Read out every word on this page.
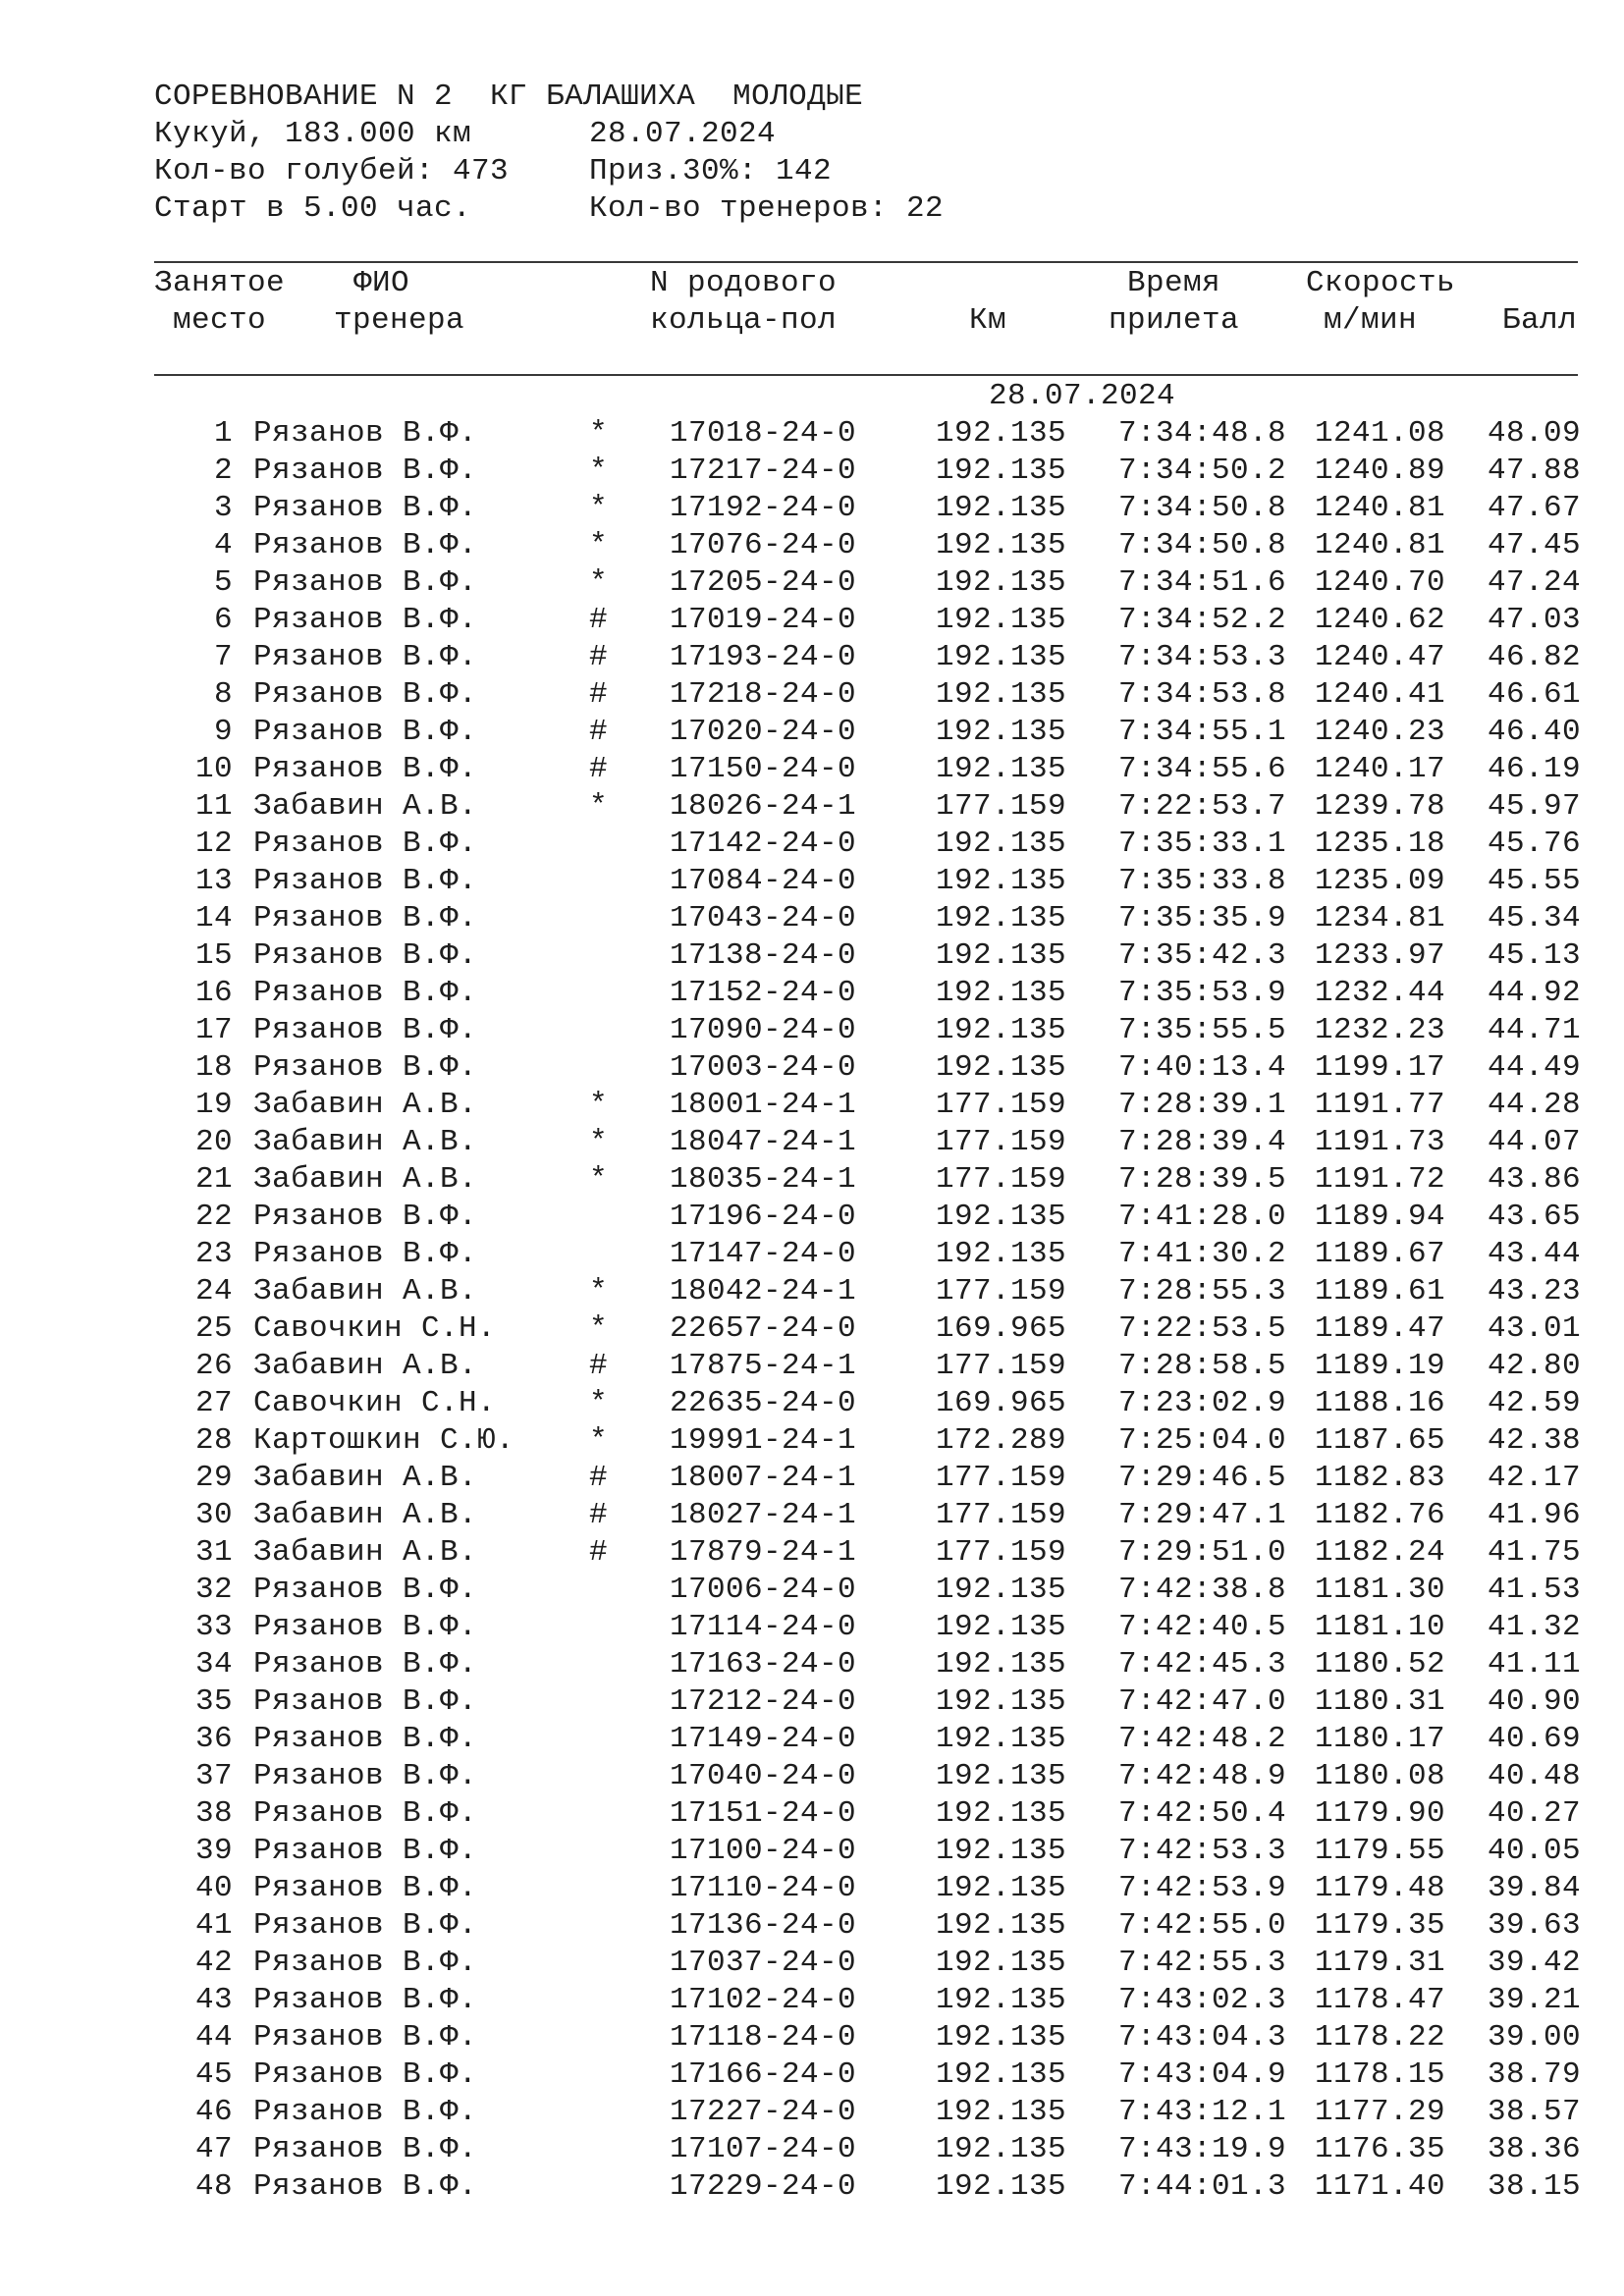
СОРЕВНОВАНИЕ N 2  КГ БАЛАШИХА  МОЛОДЫЕ
Кукуй, 183.000 км	28.07.2024
Кол-во голубей: 473	Приз.30%: 142
Старт в 5.00 час.	Кол-во тренеров: 22
Занятое
место
ФИО
тренера
N родового
кольца-пол	Км
Время
прилета
Скорость
м/мин	Балл
28.07.2024
1 Рязанов В.Ф.	*	17018-24-0	192.135	7:34:48.8 1241.08	48.09
2 Рязанов В.Ф.	*	17217-24-0	192.135	7:34:50.2 1240.89	47.88
3 Рязанов В.Ф.	*	17192-24-0	192.135	7:34:50.8 1240.81	47.67
4 Рязанов В.Ф.	*	17076-24-0	192.135	7:34:50.8 1240.81	47.45
5 Рязанов В.Ф.	*	17205-24-0	192.135	7:34:51.6 1240.70	47.24
6 Рязанов В.Ф.	#	17019-24-0	192.135	7:34:52.2 1240.62	47.03
7 Рязанов В.Ф.	#	17193-24-0	192.135	7:34:53.3 1240.47	46.82
8 Рязанов В.Ф.	#	17218-24-0	192.135	7:34:53.8 1240.41	46.61
9 Рязанов В.Ф.	#	17020-24-0	192.135	7:34:55.1 1240.23	46.40
10 Рязанов В.Ф.	#	17150-24-0	192.135	7:34:55.6 1240.17	46.19
11 Забавин А.В.	*	18026-24-1	177.159	7:22:53.7 1239.78	45.97
12 Рязанов В.Ф.	17142-24-0	192.135	7:35:33.1 1235.18	45.76
13 Рязанов В.Ф.	17084-24-0	192.135	7:35:33.8 1235.09	45.55
14 Рязанов В.Ф.	17043-24-0	192.135	7:35:35.9 1234.81	45.34
15 Рязанов В.Ф.	17138-24-0	192.135	7:35:42.3 1233.97	45.13
16 Рязанов В.Ф.	17152-24-0	192.135	7:35:53.9 1232.44	44.92
17 Рязанов В.Ф.	17090-24-0	192.135	7:35:55.5 1232.23	44.71
18 Рязанов В.Ф.	17003-24-0	192.135	7:40:13.4 1199.17	44.49
19 Забавин А.В.	*	18001-24-1	177.159	7:28:39.1 1191.77	44.28
20 Забавин А.В.	*	18047-24-1	177.159	7:28:39.4 1191.73	44.07
21 Забавин А.В.	*	18035-24-1	177.159	7:28:39.5 1191.72	43.86
22 Рязанов В.Ф.	17196-24-0	192.135	7:41:28.0 1189.94	43.65
23 Рязанов В.Ф.	17147-24-0	192.135	7:41:30.2 1189.67	43.44
24 Забавин А.В.	*	18042-24-1	177.159	7:28:55.3 1189.61	43.23
25 Савочкин С.Н.	*	22657-24-0	169.965	7:22:53.5 1189.47	43.01
26 Забавин А.В.	#	17875-24-1	177.159	7:28:58.5 1189.19	42.80
27 Савочкин С.Н.	*	22635-24-0	169.965	7:23:02.9 1188.16	42.59
28 Картошкин С.Ю.	*	19991-24-1	172.289	7:25:04.0 1187.65	42.38
29 Забавин А.В.	#	18007-24-1	177.159	7:29:46.5 1182.83	42.17
30 Забавин А.В.	#	18027-24-1	177.159	7:29:47.1 1182.76	41.96
31 Забавин А.В.	#	17879-24-1	177.159	7:29:51.0 1182.24	41.75
32 Рязанов В.Ф.	17006-24-0	192.135	7:42:38.8 1181.30	41.53
33 Рязанов В.Ф.	17114-24-0	192.135	7:42:40.5 1181.10	41.32
34 Рязанов В.Ф.	17163-24-0	192.135	7:42:45.3 1180.52	41.11
35 Рязанов В.Ф.	17212-24-0	192.135	7:42:47.0 1180.31	40.90
36 Рязанов В.Ф.	17149-24-0	192.135	7:42:48.2 1180.17	40.69
37 Рязанов В.Ф.	17040-24-0	192.135	7:42:48.9 1180.08	40.48
38 Рязанов В.Ф.	17151-24-0	192.135	7:42:50.4 1179.90	40.27
39 Рязанов В.Ф.	17100-24-0	192.135	7:42:53.3 1179.55	40.05
40 Рязанов В.Ф.	17110-24-0	192.135	7:42:53.9 1179.48	39.84
41 Рязанов В.Ф.	17136-24-0	192.135	7:42:55.0 1179.35	39.63
42 Рязанов В.Ф.	17037-24-0	192.135	7:42:55.3 1179.31	39.42
43 Рязанов В.Ф.	17102-24-0	192.135	7:43:02.3 1178.47	39.21
44 Рязанов В.Ф.	17118-24-0	192.135	7:43:04.3 1178.22	39.00
45 Рязанов В.Ф.	17166-24-0	192.135	7:43:04.9 1178.15	38.79
46 Рязанов В.Ф.	17227-24-0	192.135	7:43:12.1 1177.29	38.57
47 Рязанов В.Ф.	17107-24-0	192.135	7:43:19.9 1176.35	38.36
48 Рязанов В.Ф.	17229-24-0	192.135	7:44:01.3 1171.40	38.15
